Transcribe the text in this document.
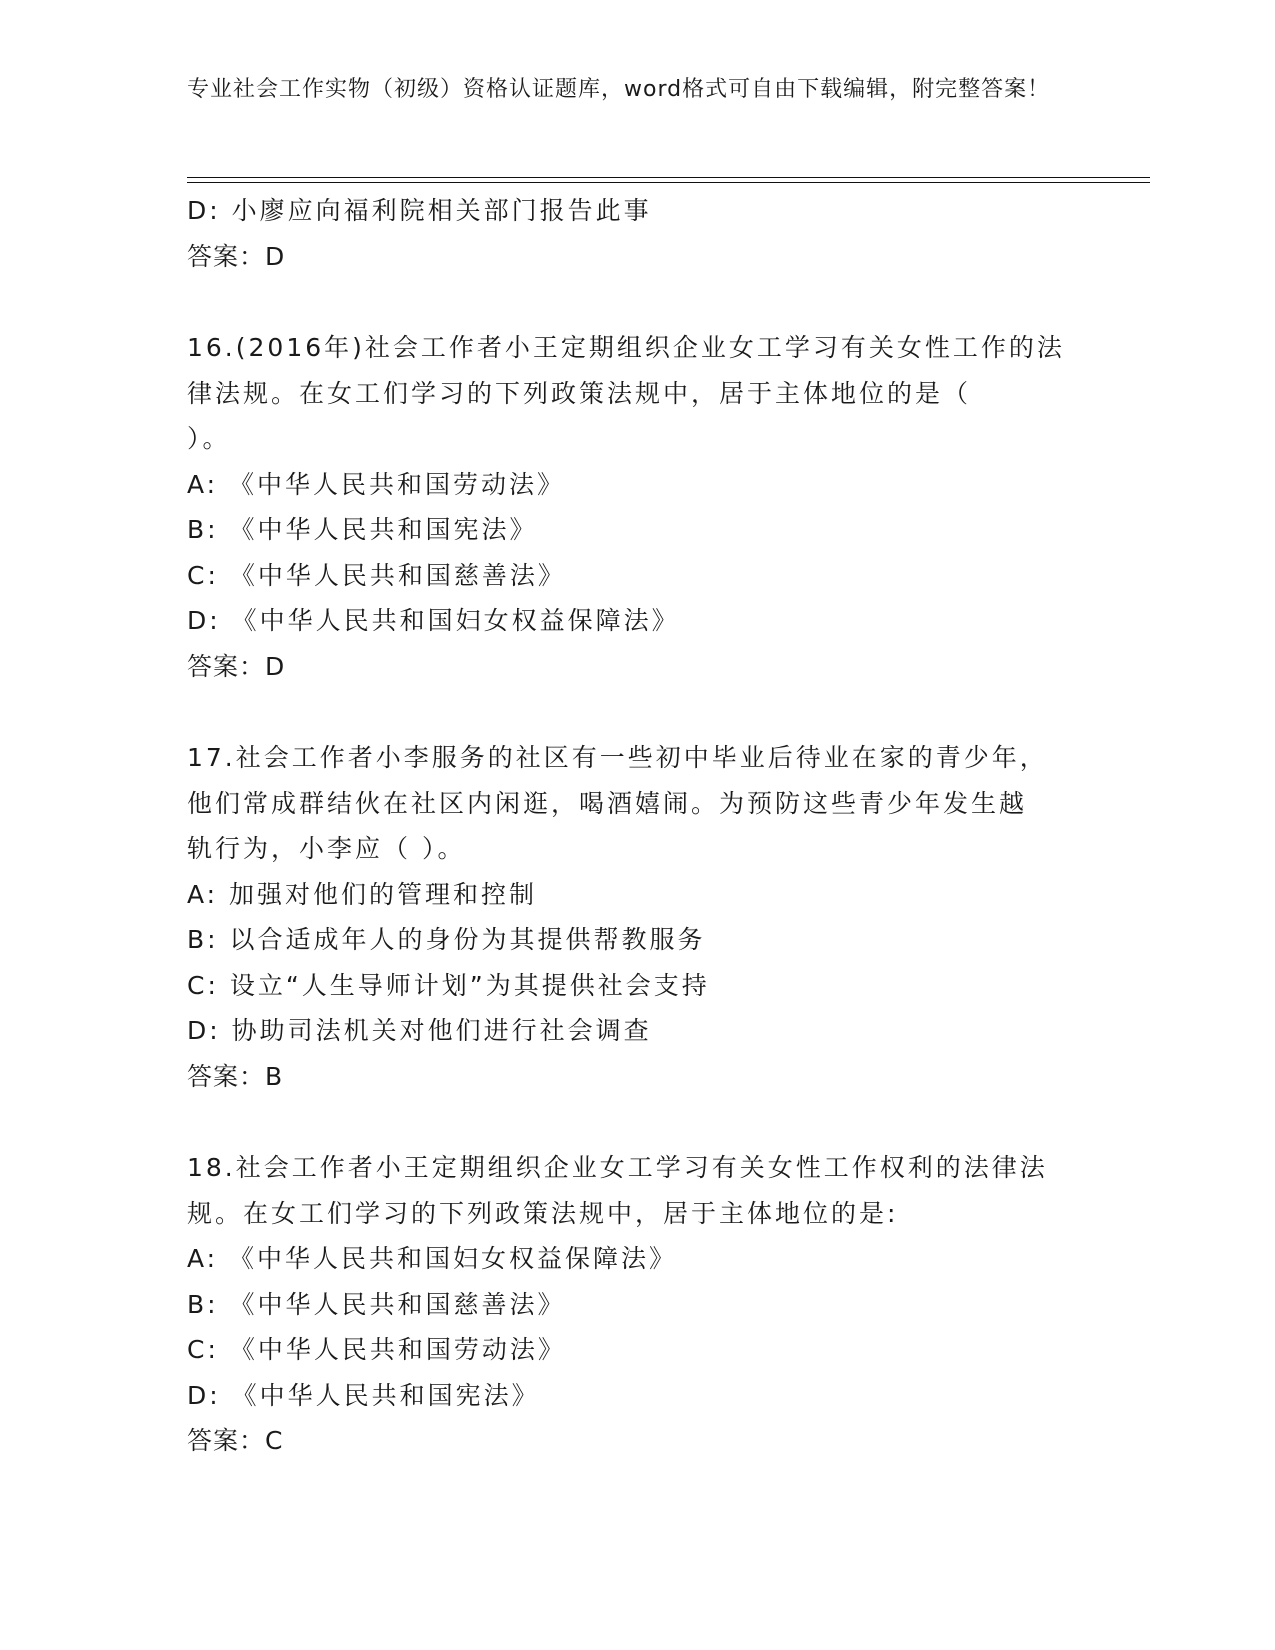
专业社会工作实物（初级）资格认证题库，word格式可自由下载编辑，附完整答案！
D: 小廖应向福利院相关部门报告此事
答案：D
16.(2016年)社会工作者小王定期组织企业女工学习有关女性工作的法
律法规。在女工们学习的下列政策法规中，居于主体地位的是（
）。
A: 《中华人民共和国劳动法》
B: 《中华人民共和国宪法》
C: 《中华人民共和国慈善法》
D: 《中华人民共和国妇女权益保障法》
答案：D
17.社会工作者小李服务的社区有一些初中毕业后待业在家的青少年，
他们常成群结伙在社区内闲逛，喝酒嬉闹。为预防这些青少年发生越
轨行为，小李应（ ）。
A: 加强对他们的管理和控制
B: 以合适成年人的身份为其提供帮教服务
C: 设立“人生导师计划”为其提供社会支持
D: 协助司法机关对他们进行社会调查
答案：B
18.社会工作者小王定期组织企业女工学习有关女性工作权利的法律法
规。在女工们学习的下列政策法规中，居于主体地位的是:
A: 《中华人民共和国妇女权益保障法》
B: 《中华人民共和国慈善法》
C: 《中华人民共和国劳动法》
D: 《中华人民共和国宪法》
答案：C
